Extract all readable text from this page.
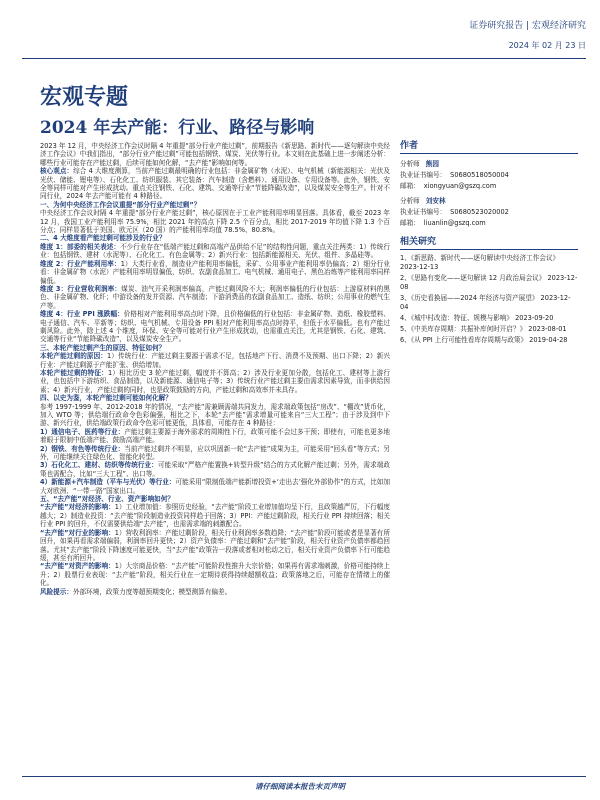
证券研究报告 | 宏观经济研究
2024 年 02 月 23 日
宏观专题
2024 年去产能：行业、路径与影响
2023 年 12 月，中央经济工作会议时隔 4 年重提“部分行业产能过剩”，前期报告《新思路、新时代——逐句解读中央经济工作会议》中我们指出，“部分行业产能过剩”可能包括钢铁、煤炭、光伏等行业。本文则在此基础上进一步阐述分析：哪些行业可能存在产能过剩，后续可能如何化解，“去产能”影响如何等。
核心观点：综合 4 大维度测算，当前产能过剩最明确的行业包括：非金属矿物（水泥）、电气机械（新能源相关：光伏及光伏、储能、锂电等）、石化化工、纺织服装、其它装备：汽车制造（含燃料）、通用设备、专用设备等。此外，钢铁、安全等同样可能对产生形成扰动。重点关注钢铁、石化、建筑、交通等行业“节能降碳改造”，以及煤炭安全等生产。针对不同行业，2024 年去产能可能有 4 种路径。
一、为何中央经济工作会议重提“部分行业产能过剩”？
中央经济工作会议时隔 4 年重提“部分行业产能过剩”，核心原因在于工业产能利用率明显回落。具体看，截至 2023 年 12 月，我国工业产能利用率 75.9%，相比 2021 年的高点下降 2.5 个百分点，相比 2017-2019 年均值下降 1.3 个百分点；同样显著低于美国、欧元区（20 国）的产能利用率均值 78.5%、80.8%。
二、4 大维度看产能过剩可能涉及的行业？
维度 1：部委的相关表述：不少行业存在“低端产能过剩和高端产品供给不足”的结构性问题，重点关注两类：1）传统行业：包括钢铁、建材（水泥等）、石化化工、有色金属等；2）新兴行业：包括新能源相关、光伏、组件、多晶硅等。
维度 2：行业产能利用率：1）大类行业看，制造业产能利用率偏低，采矿、公用事业产能利用率仍偏高；2）细分行业看：非金属矿物（水泥）产能利用率明显偏低，纺织、农副食品加工、电气机械、通用电子、黑色冶炼等产能利用率同样偏低。
维度 3：行业营收利润率：煤炭、油气开采利润率偏高，产能过剩风险不大；利润率偏低的行业包括：上游原材料的黑色、非金属矿物、化纤；中游设备的发并资源、汽车制造；下游消费品的农副食品加工、造纸、纺织；公用事业的燃气生产等。
维度 4：行业 PPI 涨跌幅：价格相对产能利用率高点时下降，且价格偏低的行业包括：非金属矿物、造纸、橡胶塑料、电子通信、汽车、平新等；纺织、电气机械、专用设备 PPI 相对产能利用率高点时持平，但低于水平偏低。也有产能过剩风险。此外，除上述 4 个维度，环保、安全等可能对行业产生形成扰动，也需重点关注，尤其是钢铁、石化、建筑、交通等行业“节能降碳改造”，以及煤炭安全生产。
三、本轮产能过剩产生的原因、特征如何？
本轮产能过剩的原因：1）传统行业：产能过剩主要源于需求不足，包括地产下行、消费不及预期、出口下降；2）新兴行业：产能过剩源于产能扩张、供给增加。
本轮产能过剩的特征：1）相比历史 3 轮产能过剩，幅度并不算高；2）涉及行业更加分散，包括化工、建材等上游行业，也包括中下游纺织、食品制造，以及新能源、通信电子等；3）传统行业产能过剩主要由需求因素导致，而非供给因素；4）新兴行业，产能过剩的同时，也是政策鼓励的方向，产能过剩和高效率并未具存。
四、以史为鉴，本轮产能过剩可能如何化解？
参考 1997-1999 年、2012-2018 年的情况，“去产能”需兼顾需端共同发力，需求端政策包括“房改”、“棚改”货币化，加入 WTO 等；供给端行政命令色彩偏强，相比之下，本轮“去产能”需求增量可能来自“三大工程”；由于涉及到中下游、新兴行业，供给端政策行政命令色彩可能更低，具体看，可能存在 4 种路径：
1）通信电子、医药等行业：产能过剩主要源于海外需求的周期性下行，政策可能不会过多干预；即使有，可能也更多地着眼于限制中低端产能、鼓励高端产能。
2）钢铁、有色等传统行业：当前产能过剩并不明显，应以巩固新一轮“去产能”成果为主，可能采用“回头看”等方式；另外，可能继续关注绿色化、智能化转型。
3）石化化工、建材、纺织等传统行业：可能采取“严格产能置换+转型升级”结合的方式化解产能过剩；另外，需求端政策也需配合，比如“三大工程”、出口等。
4）新能源+汽车制造（平车与光伏）等行业：可能采用“限制低端产能新增投资+‘走出去’强化外部协作”的方式，比如加大对欧洲、“一带一路”国家出口。
五、“去产能”对经济、行业、资产影响如何？
“去产能”对经济的影响：1）工业增加值：参照历史经验，“去产能”阶段工业增加值均呈下行，且政策越严厉，下行幅度越大；2）制造业投资：“去产能”阶段制造业投资同样趋于回落；3）PPI：产能过剩阶段，相关行业 PPI 持续回落；相关行业 PPI 的回升，不仅需要供给端“去产能”，也需需求端的刺激配合。
“去产能”对行业的影响：1）营收利润率：产能过剩阶段，相关行业利润率多数趋降；“去产能”阶段可能或者是显著有所回升，如果再看需求端偏弱，利润率回升更快；2）资产负债率：产能过剩和“去产能”阶段，相关行业资产负债率都趋回落。尤其“去产能”阶段下降速度可能更快，当“去产能”政策告一段落或者相对松动之后，相关行业资产负债率下行可能趋缓，甚至有所回升。
“去产能”对资产的影响：1）大宗商品价格：“去产能”可能阶段性推升大宗价格；如果再有需求端刺激，价格可能持续上升；2）股票行业表现：“去产能”阶段，相关行业在一定期待获得持续超额收益；政策落地之后，可能存在情绪上的催化。
风险提示：外部环境，政策力度等超预期变化；模型测算有偏差。
作者
分析师 熊园
执业证书编号： S0680518050004
邮箱： xiongyuan@gszq.com
分析师 刘安林
执业证书编号： S0680523020002
邮箱： liuanlin@gszq.com
相关研究
1、《新思路、新时代——逐句解读中央经济工作会议》 2023-12-13
2、《思路有变化——逐句解读 12 月政治局会议》 2023-12-08
3、《历史看换届——2024 年经济与资产展望》 2023-12-04
4、《城中村改造：特征、规模与影响》 2023-09-20
5、《中美库存周期：共振补库何时开启？》 2023-08-01
6、《从 PPI 上行可能性看库存周期与政策》 2019-04-28
请仔细阅读本报告末页声明
